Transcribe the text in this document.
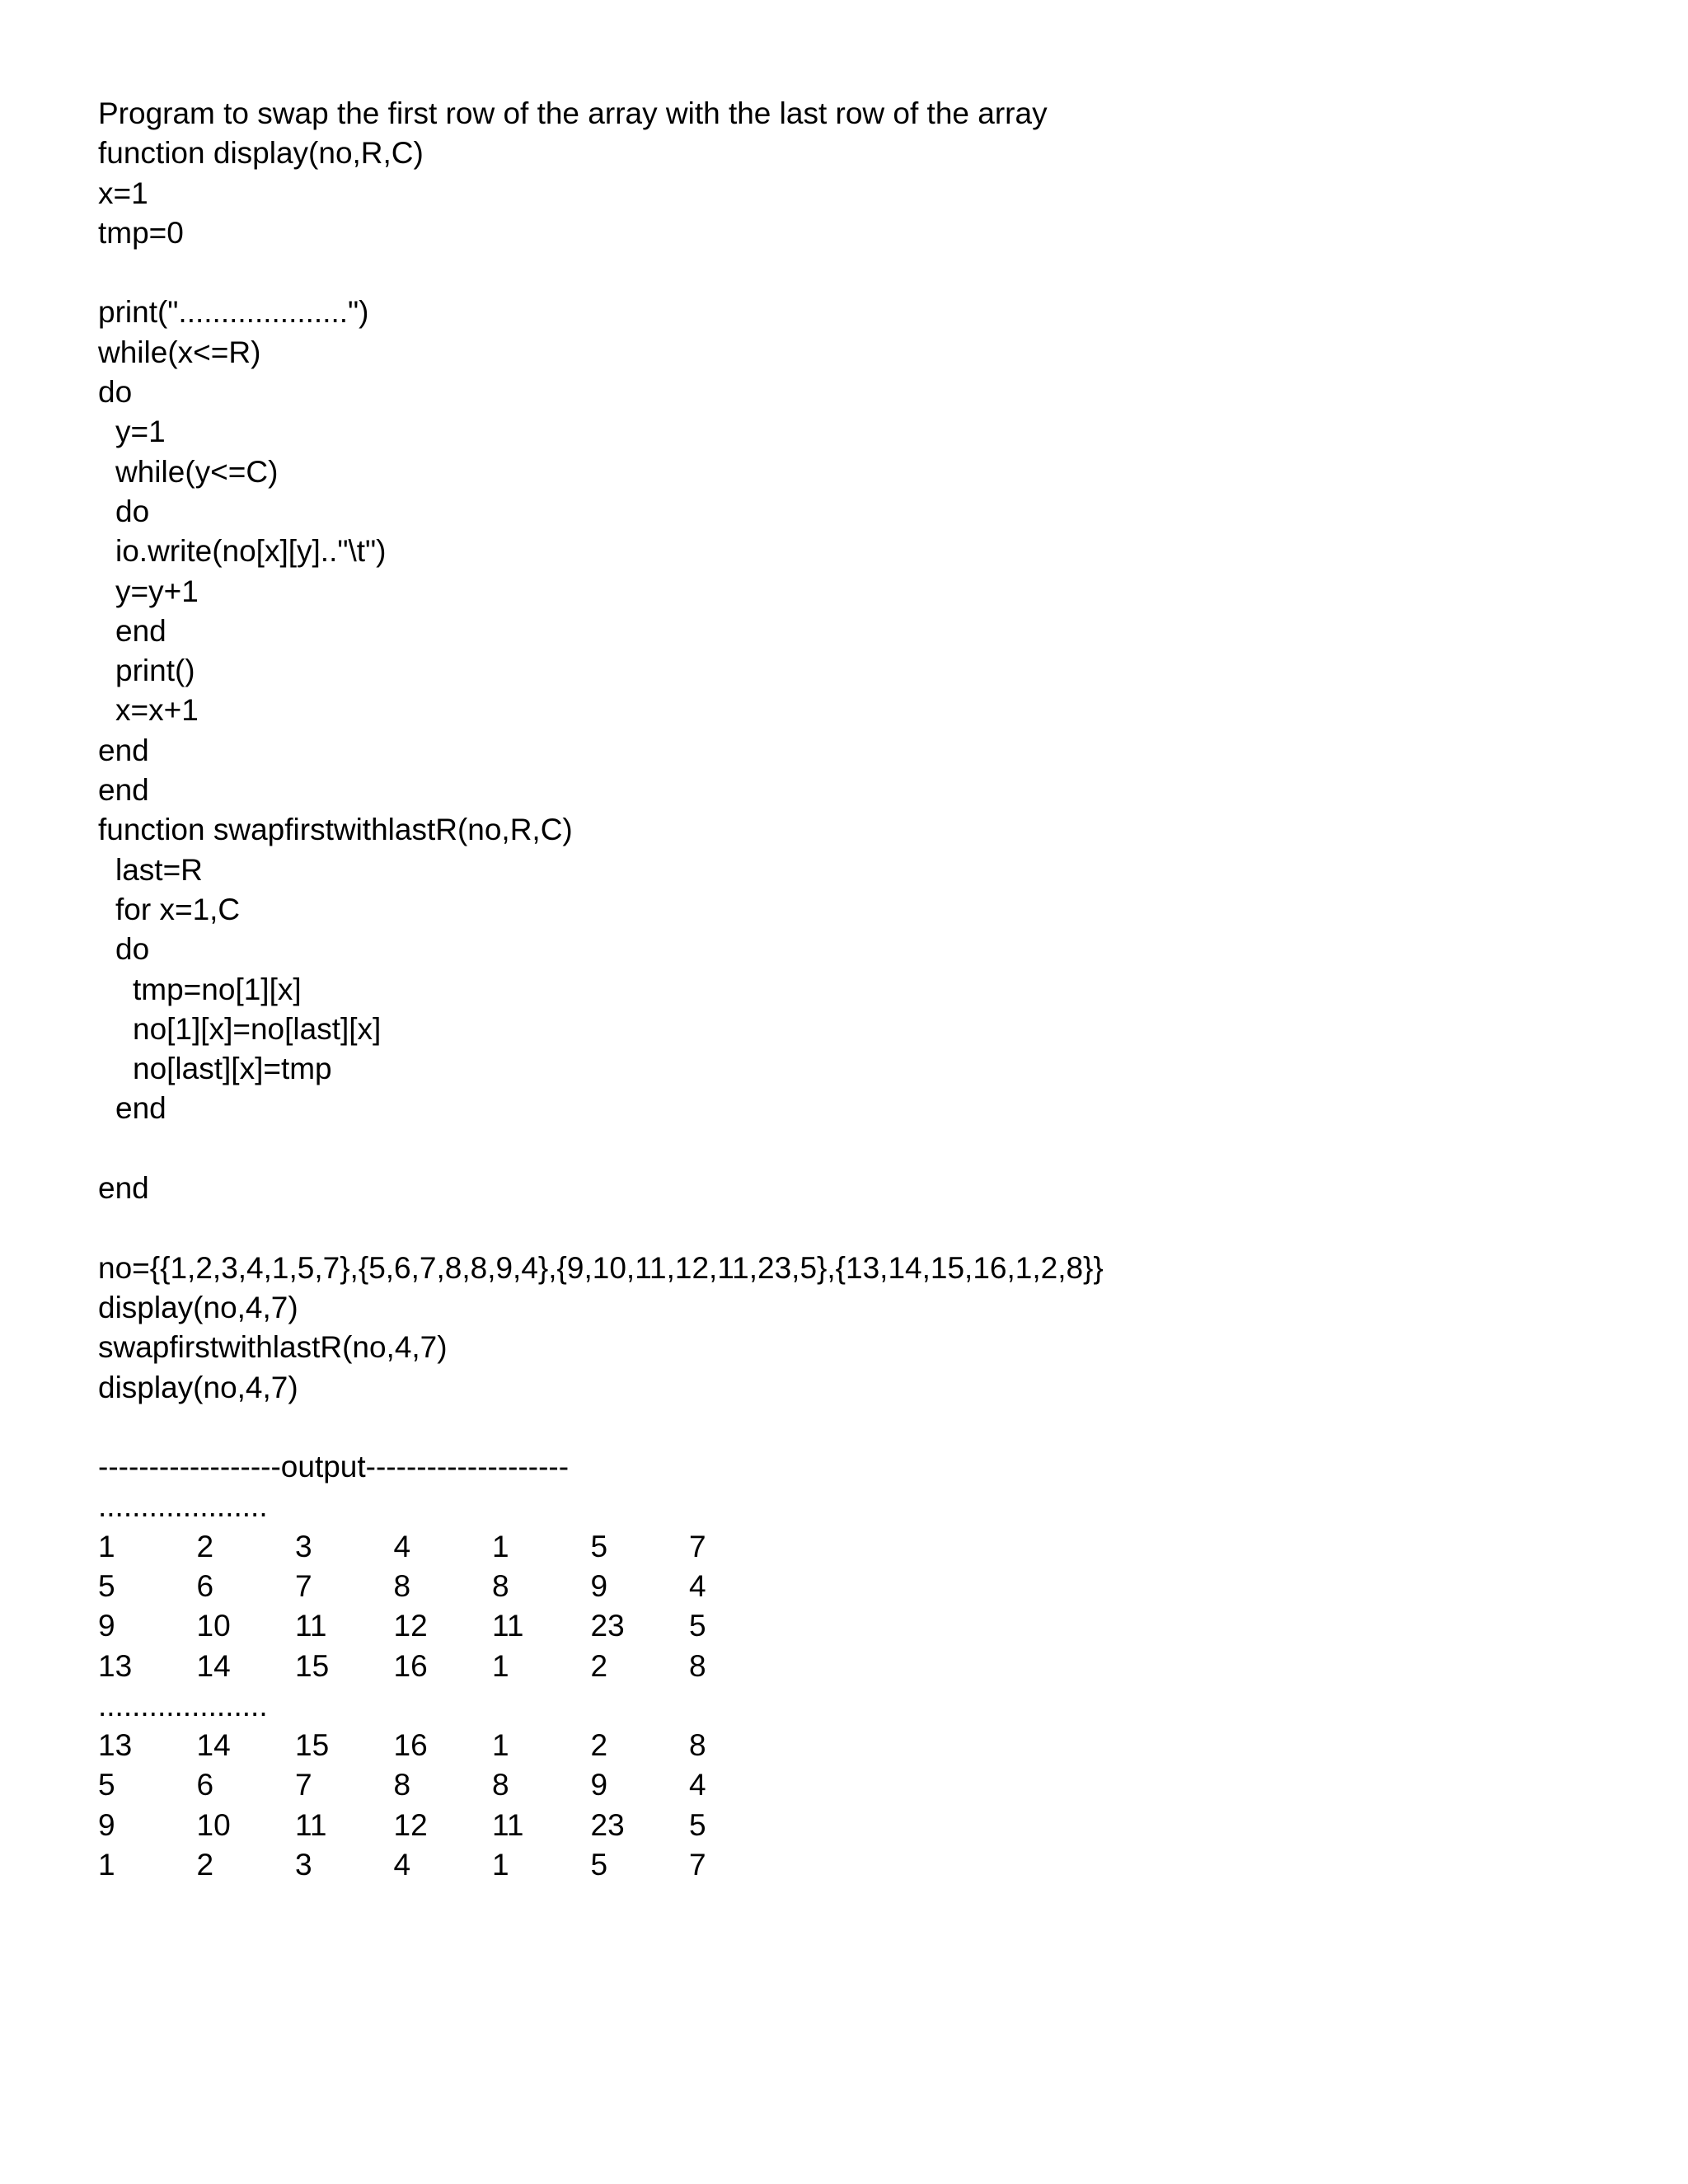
Program to swap the first row of the array with the last row of the array
function display(no,R,C)
x=1
tmp=0
print("....................")
while(x<=R)
do
y=1
while(y<=C)
do
io.write(no[x][y].."\t")
y=y+1
end
print()
x=x+1
end
end
function swapfirstwithlastR(no,R,C)
last=R
for x=1,C
do
tmp=no[1][x]
no[1][x]=no[last][x]
no[last][x]=tmp
end
end
no={{1,2,3,4,1,5,7},{5,6,7,8,8,9,4},{9,10,11,12,11,23,5},{13,14,15,16,1,2,8}}
display(no,4,7)
swapfirstwithlastR(no,4,7)
display(no,4,7)
------------------output--------------------
....................
1	2	3	4	1	5	7
5	6	7	8	8	9	4
9	10 11 12 11 23 5
13 14 15 16 1	2	8
....................
13 14 15 16 1	2	8
5	6	7	8	8	9	4
9	10 11 12 11 23 5
1	2	3	4	1	5	7
